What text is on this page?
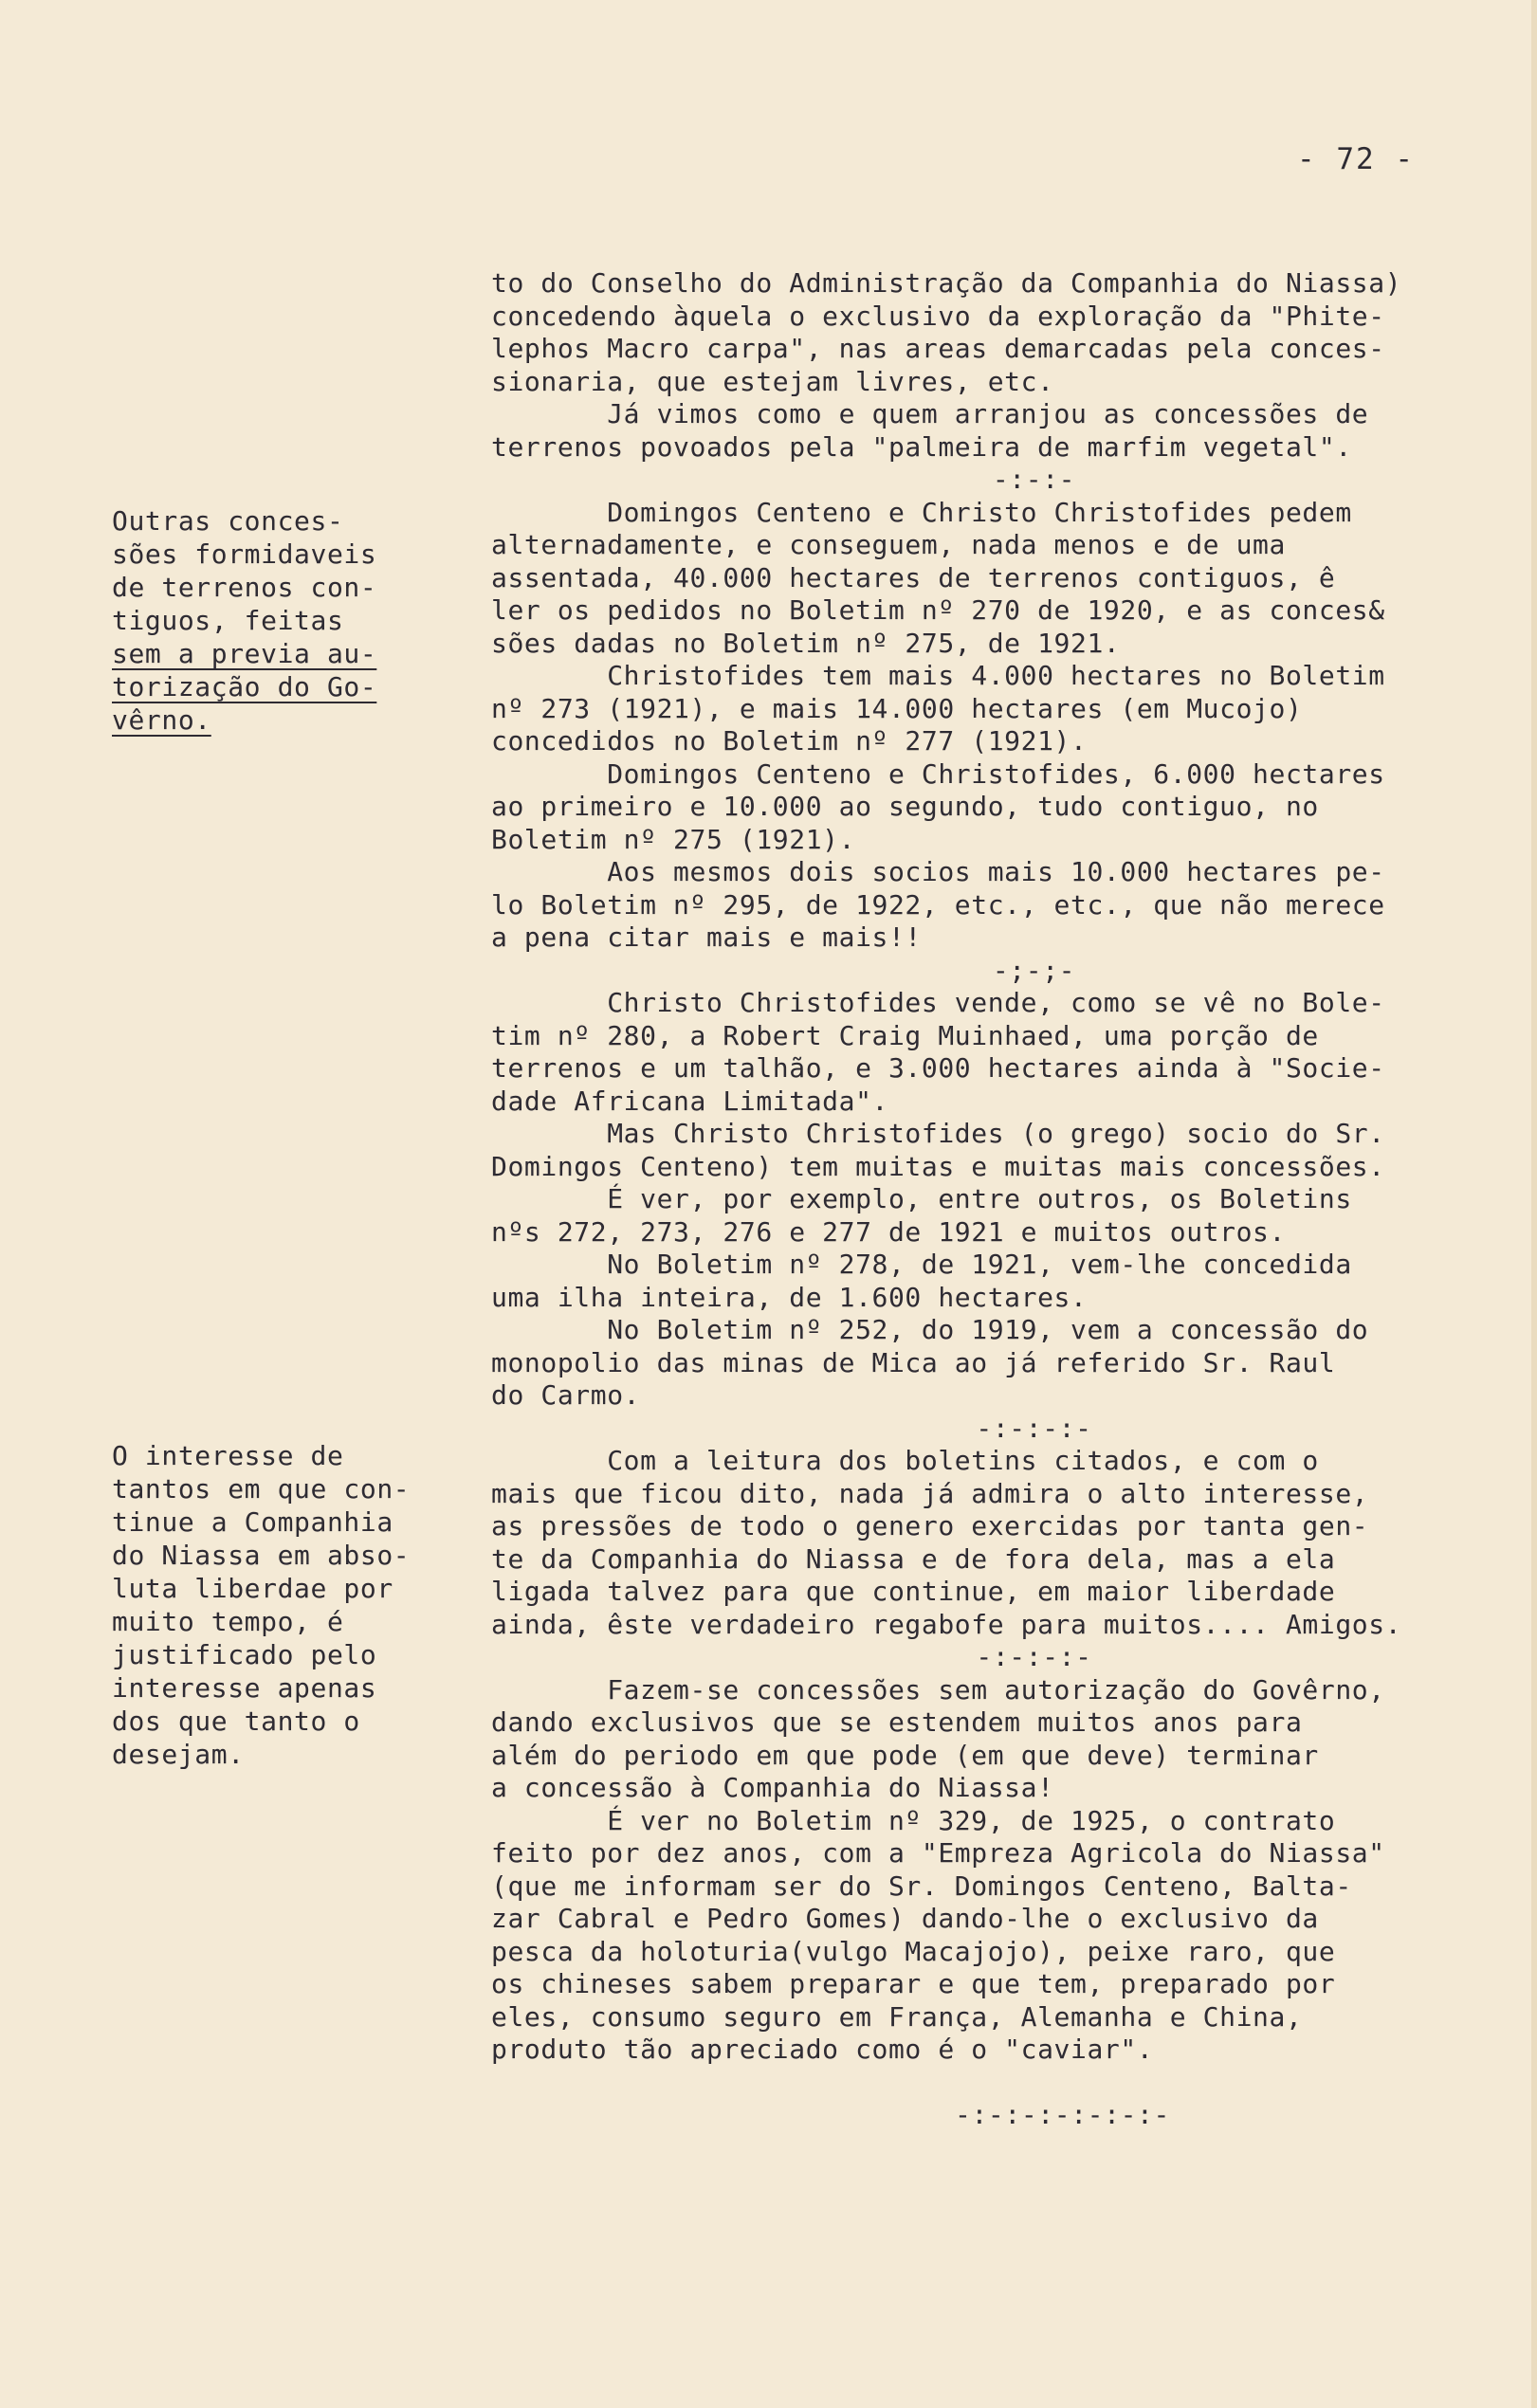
- 72 -
Outras conces-
sões formidaveis
de terrenos con-
tiguos, feitas
sem a previa au-
torização do Go-
vêrno.
O interesse de
tantos em que con-
tinue a Companhia
do Niassa em abso-
luta liberdae por
muito tempo, é
justificado pelo
interesse apenas
dos que tanto o
desejam.
to do Conselho do Administração da Companhia do Niassa)
concedendo àquela o exclusivo da exploração da "Phite-
lephos Macro carpa", nas areas demarcadas pela conces-
sionaria, que estejam livres, etc.
Já vimos como e quem arranjou as concessões de
terrenos povoados pela "palmeira de marfim vegetal".
-:-:-
Domingos Centeno e Christo Christofides pedem
alternadamente, e conseguem, nada menos e de uma
assentada, 40.000 hectares de terrenos contiguos, ê
ler os pedidos no Boletim nº 270 de 1920, e as conces&
sões dadas no Boletim nº 275, de 1921.
Christofides tem mais 4.000 hectares no Boletim
nº 273 (1921), e mais 14.000 hectares (em Mucojo)
concedidos no Boletim nº 277 (1921).
Domingos Centeno e Christofides, 6.000 hectares
ao primeiro e 10.000 ao segundo, tudo contiguo, no
Boletim nº 275 (1921).
Aos mesmos dois socios mais 10.000 hectares pe-
lo Boletim nº 295, de 1922, etc., etc., que não merece
a pena citar mais e mais!!
-;-;-
Christo Christofides vende, como se vê no Bole-
tim nº 280, a Robert Craig Muinhaed, uma porção de
terrenos e um talhão, e 3.000 hectares ainda à "Socie-
dade Africana Limitada".
Mas Christo Christofides (o grego) socio do Sr.
Domingos Centeno) tem muitas e muitas mais concessões.
É ver, por exemplo, entre outros, os Boletins
nºs 272, 273, 276 e 277 de 1921 e muitos outros.
No Boletim nº 278, de 1921, vem-lhe concedida
uma ilha inteira, de 1.600 hectares.
No Boletim nº 252, do 1919, vem a concessão do
monopolio das minas de Mica ao já referido Sr. Raul
do Carmo.
-:-:-:-
Com a leitura dos boletins citados, e com o
mais que ficou dito, nada já admira o alto interesse,
as pressões de todo o genero exercidas por tanta gen-
te da Companhia do Niassa e de fora dela, mas a ela
ligada talvez para que continue, em maior liberdade
ainda, êste verdadeiro regabofe para muitos.... Amigos.
-:-:-:-
Fazem-se concessões sem autorização do Govêrno,
dando exclusivos que se estendem muitos anos para
além do periodo em que pode (em que deve) terminar
a concessão à Companhia do Niassa!
É ver no Boletim nº 329, de 1925, o contrato
feito por dez anos, com a "Empreza Agricola do Niassa"
(que me informam ser do Sr. Domingos Centeno, Balta-
zar Cabral e Pedro Gomes) dando-lhe o exclusivo da
pesca da holoturia(vulgo Macajojo), peixe raro, que
os chineses sabem preparar e que tem, preparado por
eles, consumo seguro em França, Alemanha e China,
produto tão apreciado como é o "caviar".
-:-:-:-:-:-:-
